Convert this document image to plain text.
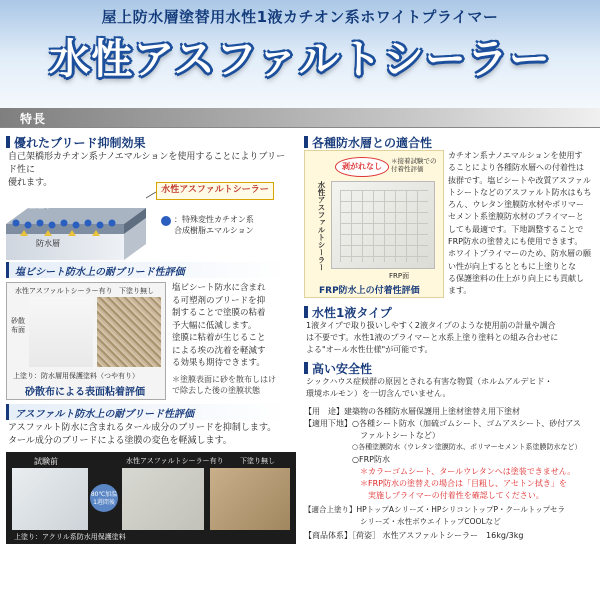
屋上防水層塗替用水性1液カチオン系ホワイトプライマー
水性アスファルトシーラー
特長
優れたブリード抑制効果
自己架橋形カチオン系ナノエマルションを使用することによりブリード性に
優れます。
上塗り
防水層
水性アスファルトシーラー
：特殊変性カチオン系
合成樹脂エマルション
塩ビシート防水上の耐ブリード性評価
水性アスファルトシーラー有り 下塗り無し
砂散布面
上塗り：防水層用保護塗料（つや有り）
砂散布による表面粘着評価
塩ビシート防水に含まれ
る可塑剤のブリードを抑
制することで塗膜の粘着
予大幅に低減します。
塗膜に粘着が生じること
による埃の沈着を軽減す
る効果も期待できます。
＊塗膜表面に砂を散布しはけ
で除去した後の塗膜状態
アスファルト防水上の耐ブリード性評価
アスファルト防水に含まれるタール成分のブリードを抑制します。
タール成分のブリードによる塗膜の変色を軽減します。
試験前	水性アスファルトシーラー有り 下塗り無し
80℃加温
1週間後
上塗り：アクリル系防水用保護塗料
各種防水層との適合性
剥がれなし
＊接着試験での
付着性評価
水性アスファルトシーラー
FRP面
FRP防水上の付着性評価
カチオン系ナノエマルションを使用す
ることにより各種防水層への付着性は
抜群です。塩ビシートや改質アスファル
トシートなどのアスファルト防水はもち
ろん、ウレタン塗膜防水材やポリマー
セメント系塗膜防水材のプライマーと
しても最適です。下地調整することで
FRP防水の塗替えにも使用できます。
ホワイトプライマーのため、防水層の願
い性が向上するとともに上塗りとな
る保護塗料の仕上がり向上にも貢献し
ます。
水性1液タイプ
1液タイプで取り扱いしやすく2液タイプのような使用前の計量や調合
は不要です。水性1液のプライマーと水系上塗り塗料との組み合わせに
よる"オール水性仕様"が可能です。
高い安全性
シックハウス症候群の原因とされる有害な物質（ホルムアルデヒド・
環境ホルモン）を一切含んでいません。
【用　途】建築物の各種防水層保護用上塗材塗替え用下塗材
【適用下地】 ○各種シート防水（加硫ゴムシート、ゴムアスシート、砂付アス
　ファルトシートなど）
○各種塗膜防水（ウレタン塗膜防水、ポリマーセメント系塗膜防水など）
○FRP防水
＊カラーゴムシート、タールウレタンへは塗装できません。
＊FRP防水の塗替えの場合は「目粗し、アセトン拭き」を
　実施しプライマーの付着性を確認してください。
【適合上塗り】HPトップAシリーズ・HPシリコントップP・クールトップセラ
シリーズ・水性ボウエイトップCOOLなど
【商品体系】［荷姿］ 水性アスファルトシーラー　16kg/3kg
